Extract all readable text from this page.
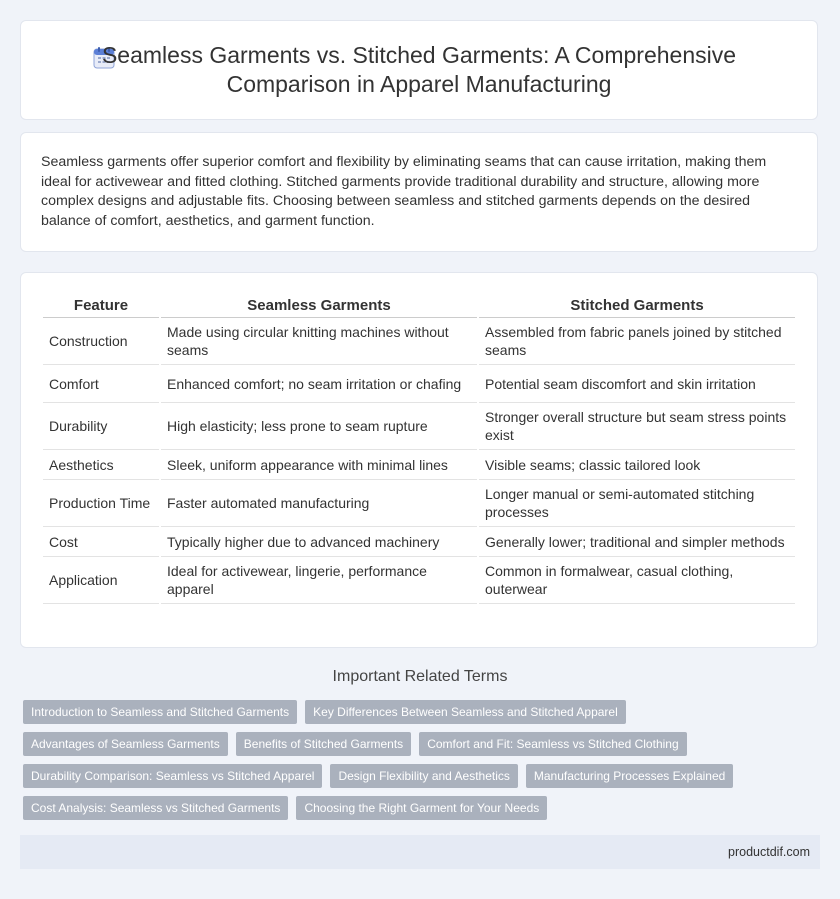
Seamless Garments vs. Stitched Garments: A Comprehensive
Comparison in Apparel Manufacturing

Seamless garments offer superior comfort and flexibility by eliminating seams that can cause irritation, making them ideal for activewear and fitted clothing. Stitched garments provide traditional durability and structure, allowing more complex designs and adjustable fits. Choosing between seamless and stitched garments depends on the desired balance of comfort, aesthetics, and garment function.

Feature	Seamless Garments	Stitched Garments
Construction	Made using circular knitting machines without seams	Assembled from fabric panels joined by stitched seams
Comfort	Enhanced comfort; no seam irritation or chafing	Potential seam discomfort and skin irritation
Durability	High elasticity; less prone to seam rupture	Stronger overall structure but seam stress points exist
Aesthetics	Sleek, uniform appearance with minimal lines	Visible seams; classic tailored look
Production Time	Faster automated manufacturing	Longer manual or semi-automated stitching processes
Cost	Typically higher due to advanced machinery	Generally lower; traditional and simpler methods
Application	Ideal for activewear, lingerie, performance apparel	Common in formalwear, casual clothing, outerwear
Important Related Terms
Introduction to Seamless and Stitched Garments	Key Differences Between Seamless and Stitched Apparel
Advantages of Seamless Garments	Benefits of Stitched Garments	Comfort and Fit: Seamless vs Stitched Clothing
Durability Comparison: Seamless vs Stitched Apparel	Design Flexibility and Aesthetics	Manufacturing Processes Explained
Cost Analysis: Seamless vs Stitched Garments	Choosing the Right Garment for Your Needs
productdif.com
